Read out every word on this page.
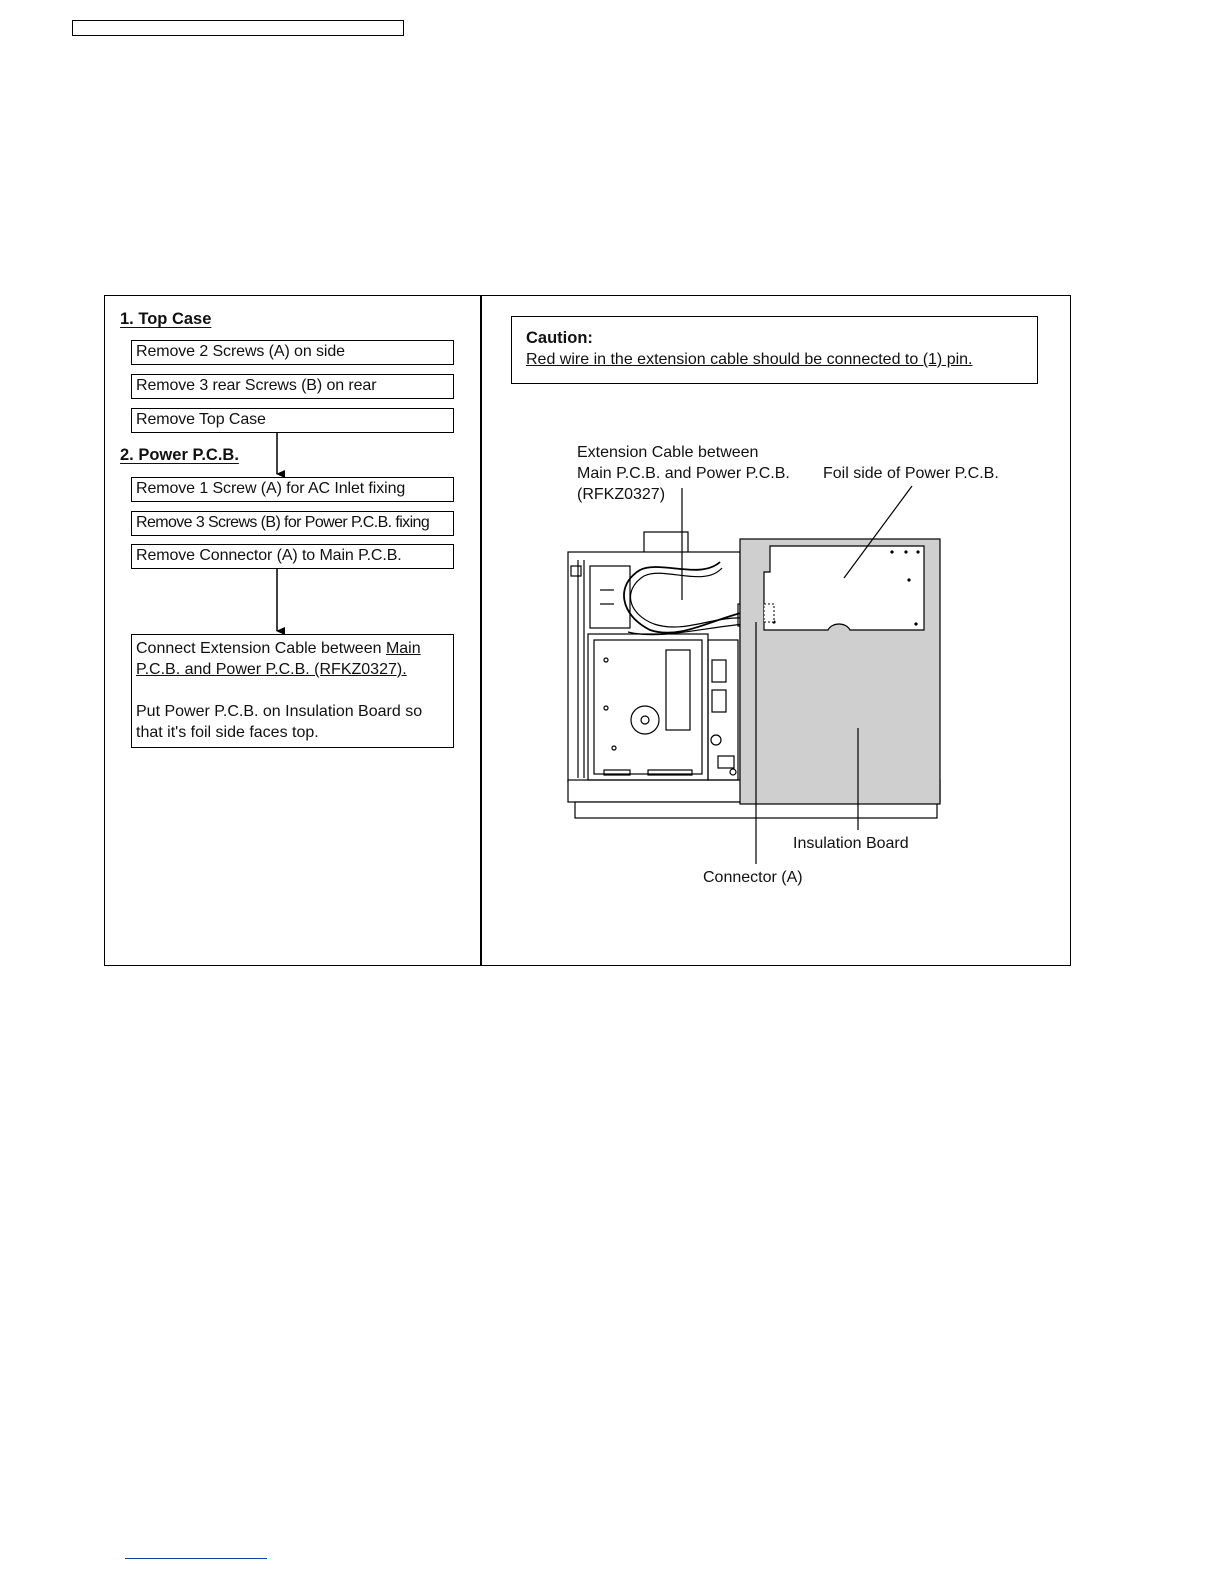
1. Top Case
Remove 2 Screws (A) on side
Remove 3 rear Screws (B) on rear
Remove Top Case
2. Power P.C.B.
Remove 1 Screw (A) for AC Inlet fixing
Remove 3 Screws (B) for Power P.C.B. fixing
Remove Connector (A) to Main P.C.B.

Connect Extension Cable between Main

P.C.B. and Power P.C.B. (RFKZ0327).

Put Power P.C.B. on Insulation Board so

that it's foil side faces top.

Caution:
Red wire in the extension cable should be connected to (1) pin.
Extension Cable between
Main P.C.B. and Power P.C.B.
(RFKZ0327)
Foil side of Power P.C.B.
Insulation Board
Connector (A)
